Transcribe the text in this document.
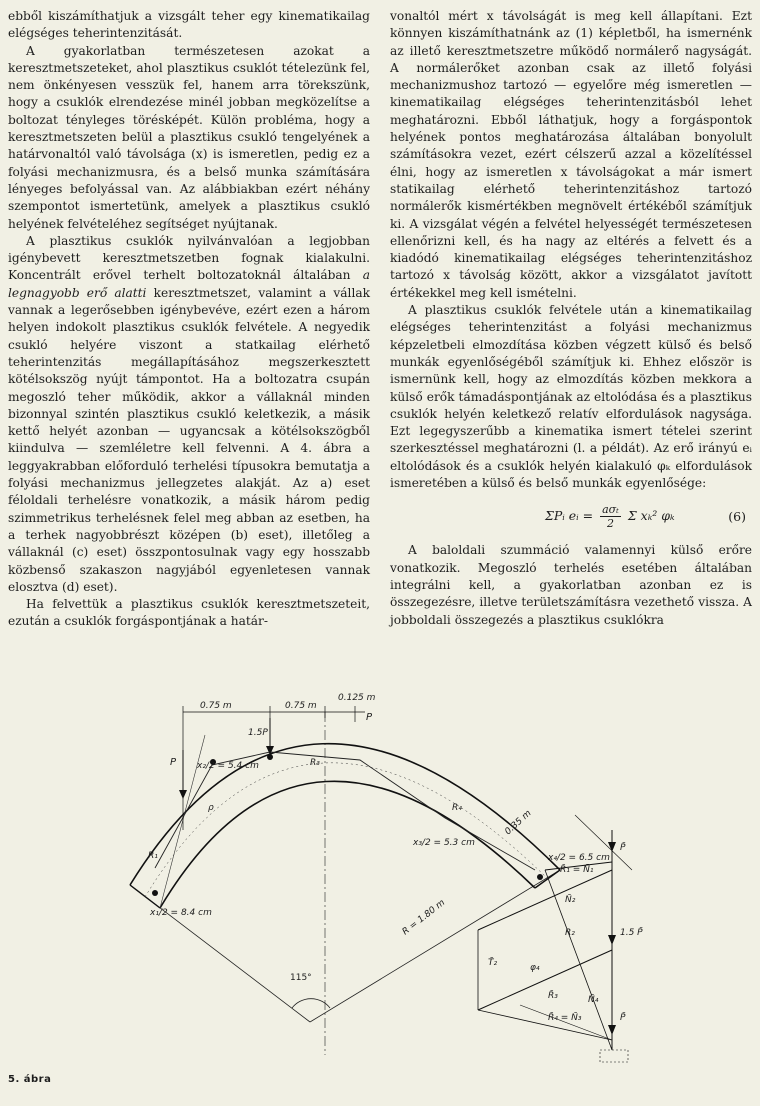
ebből kiszámíthatjuk a vizsgált teher egy kinematikailag elégséges teherintenzitását.

A gyakorlatban természetesen azokat a keresztmetszeteket, ahol plasztikus csuklót tételezünk fel, nem önkényesen vesszük fel, hanem arra törekszünk, hogy a csuklók elrendezése minél jobban megközelítse a boltozat tényleges törésképét. Külön probléma, hogy a keresztmetszeten belül a plasztikus csukló tengelyének a határvonaltól való távolsága (x) is ismeretlen, pedig ez a folyási mechanizmusra, és a belső munka számítására lényeges befolyással van. Az alábbiakban ezért néhány szempontot ismertetünk, amelyek a plasztikus csukló helyének felvételéhez segítséget nyújtanak.

A plasztikus csuklók nyilvánvalóan a legjobban igénybevett keresztmetszetben fognak kialakulni. Koncentrált erővel terhelt boltozatoknál általában a legnagyobb erő alatti keresztmetszet, valamint a vállak vannak a legerősebben igénybevéve, ezért ezen a három helyen indokolt plasztikus csuklók felvétele. A negyedik csukló helyére viszont a statkailag elérhető teherintenzitás megállapításához megszerkesztett kötélsokszög nyújt támpontot. Ha a boltozatra csupán megoszló teher működik, akkor a vállaknál minden bizonnyal szintén plasztikus csukló keletkezik, a másik kettő helyét azonban — ugyancsak a kötélsokszögből kiindulva — szemléletre kell felvenni. A 4. ábra a leggyakrabban előforduló terhelési típusokra bemutatja a folyási mechanizmus jellegzetes alakját. Az a) eset féloldali terhelésre vonatkozik, a másik három pedig szimmetrikus terhelésnek felel meg abban az esetben, ha a terhek nagyobbrészt középen (b) eset), illetőleg a vállaknál (c) eset) összpontosulnak vagy egy hosszabb közbenső szakaszon nagyjából egyenletesen vannak elosztva (d) eset).

Ha felvettük a plasztikus csuklók keresztmetszeteit, ezután a csuklók forgáspontjának a határ-

vonaltól mért x távolságát is meg kell állapítani. Ezt könnyen kiszámíthatnánk az (1) képletből, ha ismernénk az illető keresztmetszetre működő normálerő nagyságát. A normálerőket azonban csak az illető folyási mechanizmushoz tartozó — egyelőre még ismeretlen — kinematikailag elégséges teherintenzitásból lehet meghatározni. Ebből láthatjuk, hogy a forgáspontok helyének pontos meghatározása általában bonyolult számításokra vezet, ezért célszerű azzal a közelítéssel élni, hogy az ismeretlen x távolságokat a már ismert statikailag elérhető teherintenzitáshoz tartozó normálerők kismértékben megnövelt értékéből számítjuk ki. A vizsgálat végén a felvétel helyességét természetesen ellenőrizni kell, és ha nagy az eltérés a felvett és a kiadódó kinematikailag elégséges teherintenzitáshoz tartozó x távolság között, akkor a vizsgálatot javított értékekkel meg kell ismételni.

A plasztikus csuklók felvétele után a kinematikailag elégséges teherintenzitást a folyási mechanizmus képzeletbeli elmozdítása közben végzett külső és belső munkák egyenlőségéből számítjuk ki. Ehhez először is ismernünk kell, hogy az elmozdítás közben mekkora a külső erők támadáspontjának az eltolódása és a plasztikus csuklók helyén keletkező relatív elfordulások nagysága. Ezt legegyszerűbb a kinematika ismert tételei szerint szerkesztéssel meghatározni (l. a példát). Az erő irányú eᵢ eltolódások és a csuklók helyén kialakuló φₖ elfordulások ismeretében a külső és belső munkák egyenlősége:

ΣPᵢ eᵢ = aσₜ
2
Σ xₖ² φₖ	(6)

A baloldali szummáció valamennyi külső erőre vonatkozik. Megoszló terhelés esetében általában integrálni kell, a gyakorlatban azonban ez is összegezésre, illetve területszámításra vezethető vissza. A jobboldali összegezés a plasztikus csuklókra

0.75 m	0.75 m
0.125 m
P
P
1.5P
x₂/2 = 5.4 cm	R₃
R₄
x₃/2 = 5.3 cm
0.35 m
x₄/2 = 6.5 cm
ρ
R₁
x₁/2 = 8.4 cm	R = 1.80 m
115°
P̄
R̄₁ = N̄₁
N̄₂
R₂	1.5 P̄
T̄₂	φ₄
R̄₃	N̄₄
R̄₄ = N̄₃	P̄
5. ábra
